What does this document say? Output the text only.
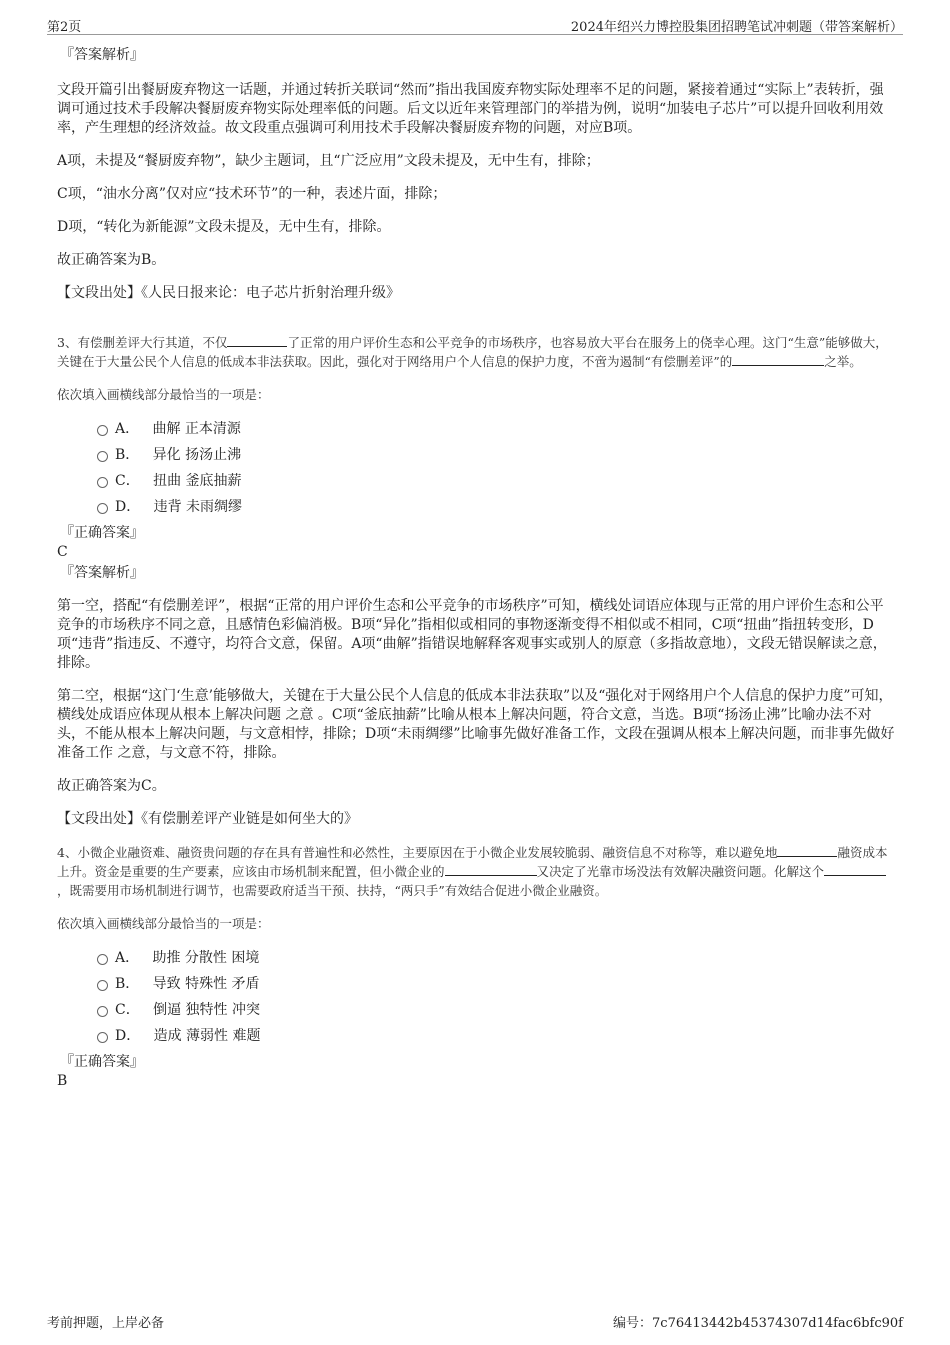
第2页	2024年绍兴力博控股集团招聘笔试冲刺题（带答案解析）

『答案解析』

文段开篇引出餐厨废弃物这一话题，并通过转折关联词“然而”指出我国废弃物实际处理率不足的问题，紧接着通过“实际上”表转折，强调可通过技术手段解决餐厨废弃物实际处理率低的问题。后文以近年来管理部门的举措为例，说明“加装电子芯片”可以提升回收利用效率，产生理想的经济效益。故文段重点强调可利用技术手段解决餐厨废弃物的问题，对应B项。

A项，未提及“餐厨废弃物”，缺少主题词，且“广泛应用”文段未提及，无中生有，排除；

C项，“油水分离”仅对应“技术环节”的一种，表述片面，排除；

D项，“转化为新能源”文段未提及，无中生有，排除。

故正确答案为B。

【文段出处】《人民日报来论：电子芯片折射治理升级》

3、有偿删差评大行其道，不仅	了正常的用户评价生态和公平竞争的市场秩序，也容易放大平台在服务上的侥幸心理。这门“生意”能够做大，关键在于大量公民个人信息的低成本非法获取。因此，强化对于网络用户个人信息的保护力度，不啻为遏制“有偿删差评”的	之举。

依次填入画横线部分最恰当的一项是：

A． 曲解 正本清源
B． 异化 扬汤止沸
C． 扭曲 釜底抽薪
D． 违背 未雨绸缪

『正确答案』

C

『答案解析』

第一空，搭配“有偿删差评”，根据“正常的用户评价生态和公平竞争的市场秩序”可知，横线处词语应体现与正常的用户评价生态和公平竞争的市场秩序不同之意，且感情色彩偏消极。B项“异化”指相似或相同的事物逐渐变得不相似或不相同，C项“扭曲”指扭转变形，D项“违背”指违反、不遵守，均符合文意，保留。A项“曲解”指错误地解释客观事实或别人的原意（多指故意地），文段无错误解读之意，排除。

第二空，根据“这门‘生意’能够做大，关键在于大量公民个人信息的低成本非法获取”以及“强化对于网络用户个人信息的保护力度”可知，横线处成语应体现从根本上解决问题 之意 。C项“釜底抽薪”比喻从根本上解决问题，符合文意，当选。B项“扬汤止沸”比喻办法不对头，不能从根本上解决问题，与文意相悖，排除；D项“未雨绸缪”比喻事先做好准备工作，文段在强调从根本上解决问题，而非事先做好 准备工作 之意，与文意不符，排除。

故正确答案为C。

【文段出处】《有偿删差评产业链是如何坐大的》

4、小微企业融资难、融资贵问题的存在具有普遍性和必然性，主要原因在于小微企业发展较脆弱、融资信息不对称等，难以避免地	融资成本上升。资金是重要的生产要素，应该由市场机制来配置，但小微企业的	又决定了光靠市场没法有效解决融资问题。化解这个，既需要用市场机制进行调节，也需要政府适当干预、扶持，“两只手”有效结合促进小微企业融资。

依次填入画横线部分最恰当的一项是：

A． 助推 分散性 困境
B． 导致 特殊性 矛盾
C． 倒逼 独特性 冲突
D． 造成 薄弱性 难题

『正确答案』

B

考前押题，上岸必备	编号：7c76413442b45374307d14fac6bfc90f
